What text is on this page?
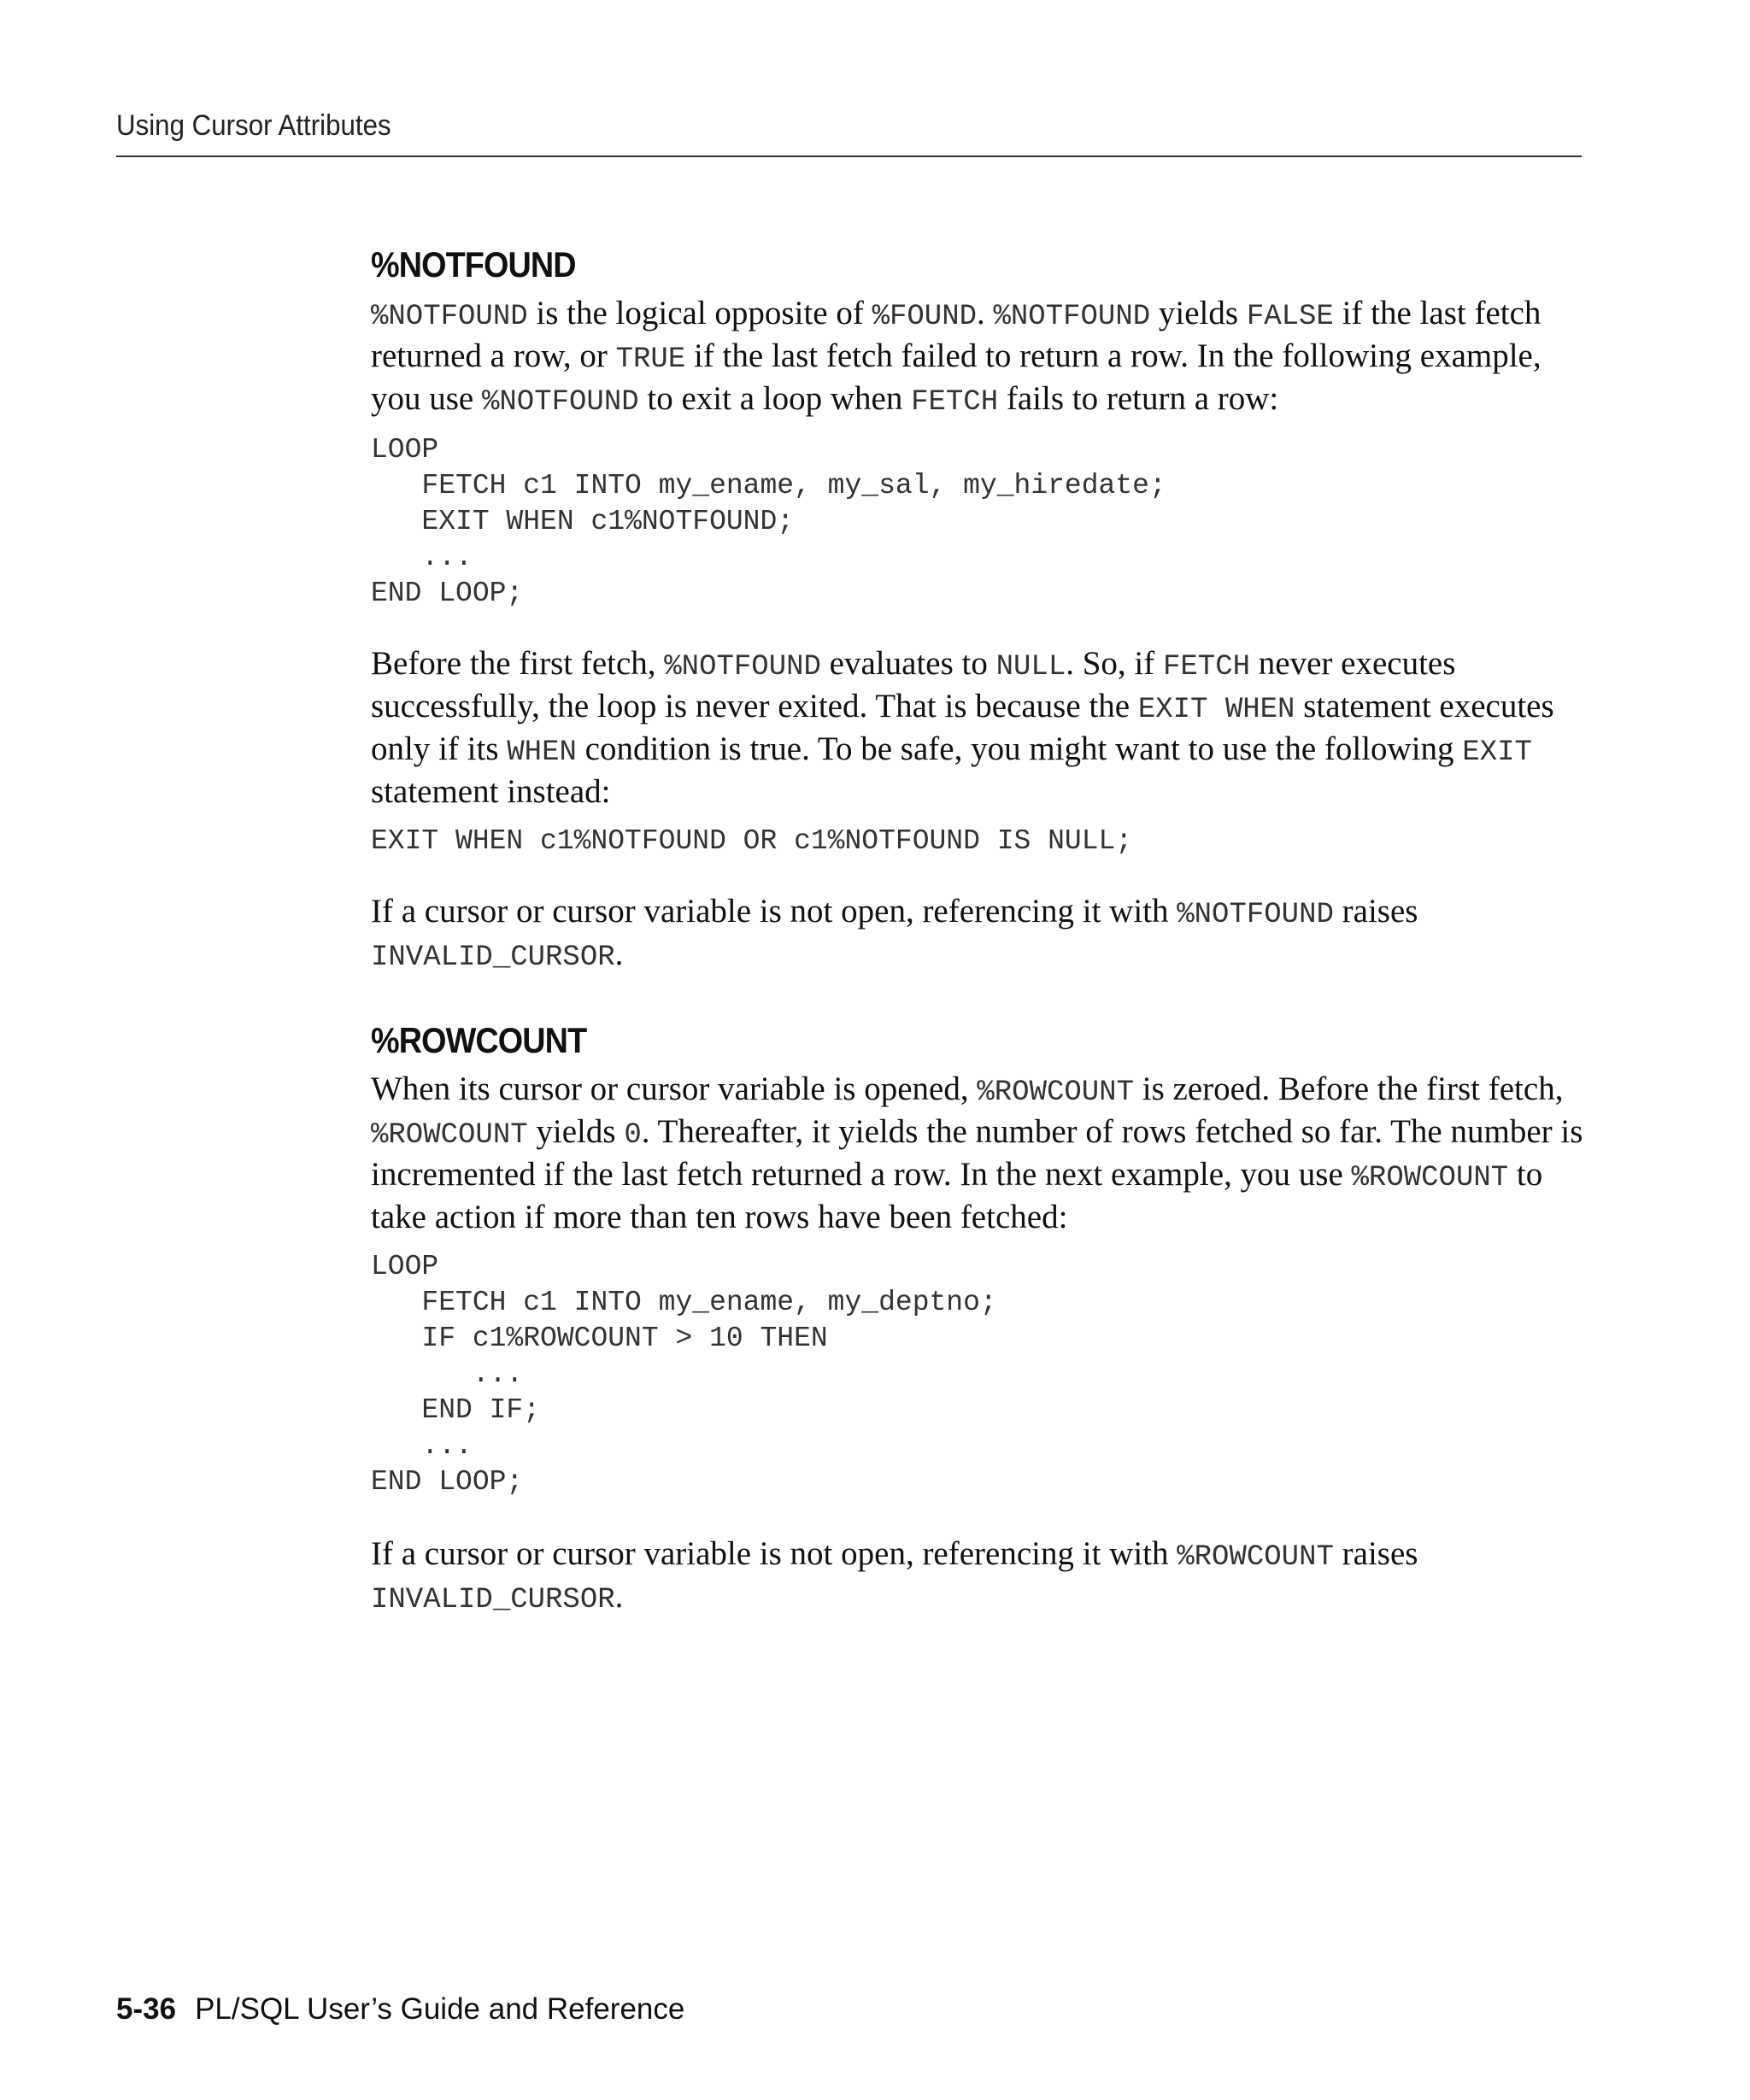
Using Cursor Attributes
%NOTFOUND

%NOTFOUND is the logical opposite of %FOUND. %NOTFOUND yields FALSE if the last fetch returned a row, or TRUE if the last fetch failed to return a row. In the following example, you use %NOTFOUND to exit a loop when FETCH fails to return a row:

LOOP
FETCH c1 INTO my_ename, my_sal, my_hiredate;
EXIT WHEN c1%NOTFOUND;
...
END LOOP;

Before the first fetch, %NOTFOUND evaluates to NULL. So, if FETCH never executes successfully, the loop is never exited. That is because the EXIT WHEN statement executes only if its WHEN condition is true. To be safe, you might want to use the following EXIT statement instead:

EXIT WHEN c1%NOTFOUND OR c1%NOTFOUND IS NULL;

If a cursor or cursor variable is not open, referencing it with %NOTFOUND raises INVALID_CURSOR.

%ROWCOUNT

When its cursor or cursor variable is opened, %ROWCOUNT is zeroed. Before the first fetch, %ROWCOUNT yields 0. Thereafter, it yields the number of rows fetched so far. The number is incremented if the last fetch returned a row. In the next example, you use %ROWCOUNT to take action if more than ten rows have been fetched:

LOOP
FETCH c1 INTO my_ename, my_deptno;
IF c1%ROWCOUNT > 10 THEN
...
END IF;
...
END LOOP;

If a cursor or cursor variable is not open, referencing it with %ROWCOUNT raises INVALID_CURSOR.

5-36 PL/SQL User’s Guide and Reference
